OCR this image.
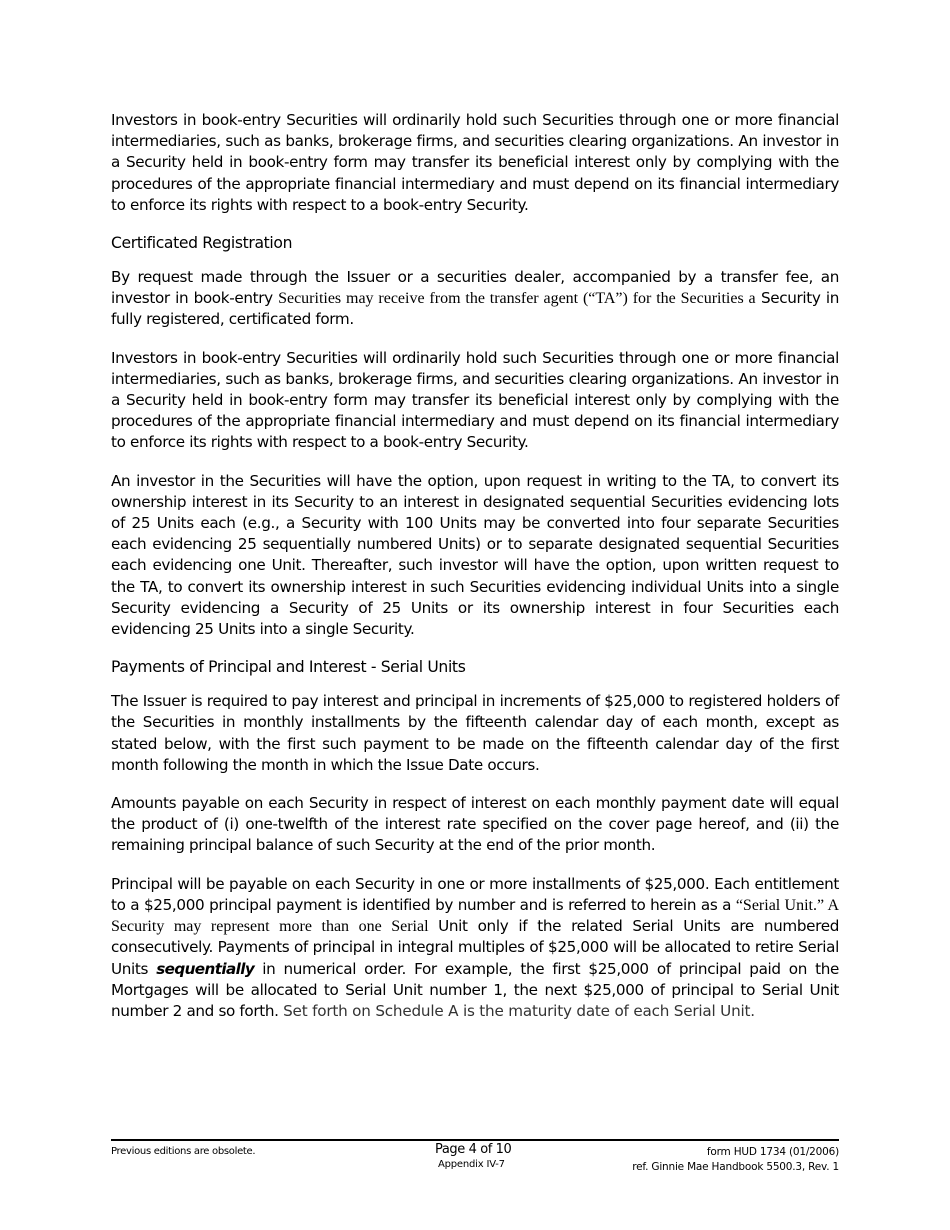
Investors in book-entry Securities will ordinarily hold such Securities through one or more financial intermediaries, such as banks, brokerage firms, and securities clearing organizations. An investor in a Security held in book-entry form may transfer its beneficial interest only by complying with the procedures of the appropriate financial intermediary and must depend on its financial intermediary to enforce its rights with respect to a book-entry Security.

Certificated Registration

By request made through the Issuer or a securities dealer, accompanied by a transfer fee, an investor in book-entry Securities may receive from the transfer agent (“TA”) for the Securities a Security in fully registered, certificated form.

Investors in book-entry Securities will ordinarily hold such Securities through one or more financial intermediaries, such as banks, brokerage firms, and securities clearing organizations. An investor in a Security held in book-entry form may transfer its beneficial interest only by complying with the procedures of the appropriate financial intermediary and must depend on its financial intermediary to enforce its rights with respect to a book-entry Security.

An investor in the Securities will have the option, upon request in writing to the TA, to convert its ownership interest in its Security to an interest in designated sequential Securities evidencing lots of 25 Units each (e.g., a Security with 100 Units may be converted into four separate Securities each evidencing 25 sequentially numbered Units) or to separate designated sequential Securities each evidencing one Unit. Thereafter, such investor will have the option, upon written request to the TA, to convert its ownership interest in such Securities evidencing individual Units into a single Security evidencing a Security of 25 Units or its ownership interest in four Securities each evidencing 25 Units into a single Security.

Payments of Principal and Interest - Serial Units

The Issuer is required to pay interest and principal in increments of $25,000 to registered holders of the Securities in monthly installments by the fifteenth calendar day of each month, except as stated below, with the first such payment to be made on the fifteenth calendar day of the first month following the month in which the Issue Date occurs.

Amounts payable on each Security in respect of interest on each monthly payment date will equal the product of (i) one-twelfth of the interest rate specified on the cover page hereof, and (ii) the remaining principal balance of such Security at the end of the prior month.

Principal will be payable on each Security in one or more installments of $25,000. Each entitlement to a $25,000 principal payment is identified by number and is referred to herein as a “Serial Unit.” A Security may represent more than one Serial Unit only if the related Serial Units are numbered consecutively. Payments of principal in integral multiples of $25,000 will be allocated to retire Serial Units sequentially in numerical order. For example, the first $25,000 of principal paid on the Mortgages will be allocated to Serial Unit number 1, the next $25,000 of principal to Serial Unit number 2 and so forth. Set forth on Schedule A is the maturity date of each Serial Unit.

Previous editions are obsolete.	Page 4 of 10
Appendix IV-7
form HUD 1734 (01/2006)
ref. Ginnie Mae Handbook 5500.3, Rev. 1
